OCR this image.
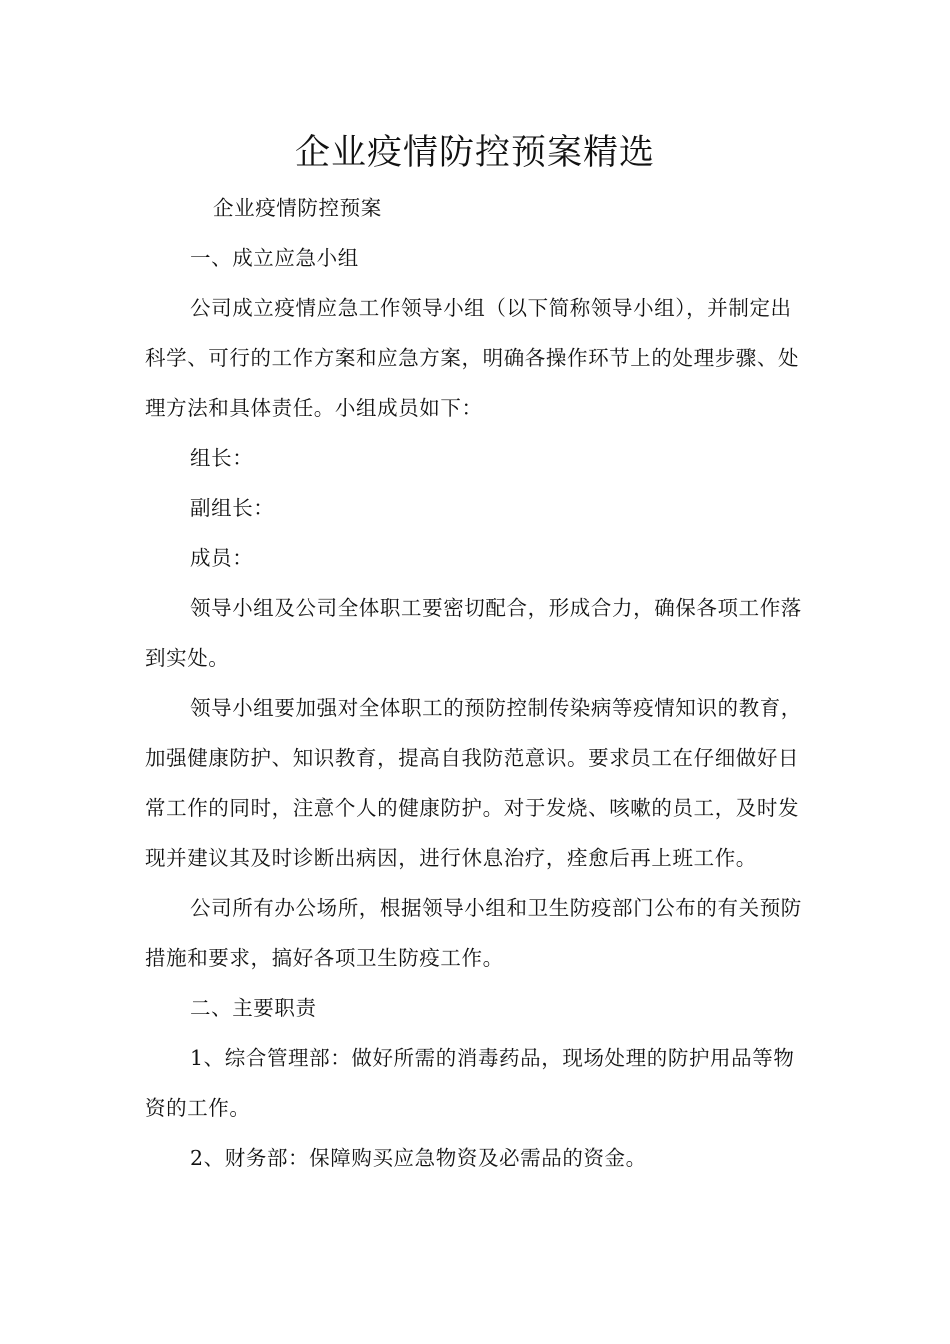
企业疫情防控预案精选

企业疫情防控预案

一、成立应急小组

公司成立疫情应急工作领导小组（以下简称领导小组），并制定出科学、可行的工作方案和应急方案，明确各操作环节上的处理步骤、处理方法和具体责任。小组成员如下：

组长：

副组长：

成员：

领导小组及公司全体职工要密切配合，形成合力，确保各项工作落到实处。

领导小组要加强对全体职工的预防控制传染病等疫情知识的教育，加强健康防护、知识教育，提高自我防范意识。要求员工在仔细做好日常工作的同时，注意个人的健康防护。对于发烧、咳嗽的员工，及时发现并建议其及时诊断出病因，进行休息治疗，痊愈后再上班工作。

公司所有办公场所，根据领导小组和卫生防疫部门公布的有关预防措施和要求，搞好各项卫生防疫工作。

二、主要职责

1、综合管理部：做好所需的消毒药品，现场处理的防护用品等物资的工作。

2、财务部：保障购买应急物资及必需品的资金。
